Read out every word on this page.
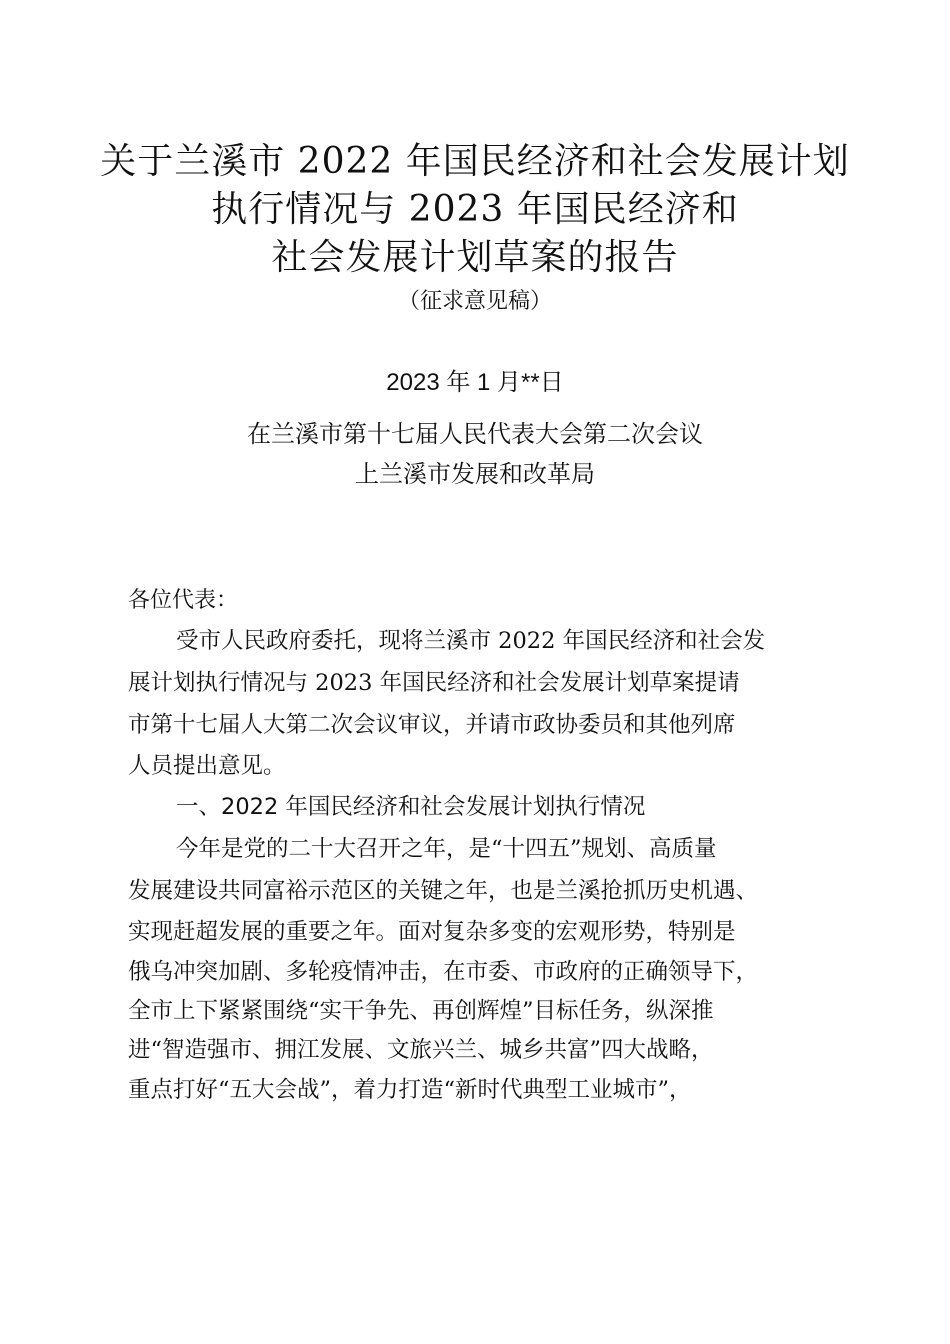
关于兰溪市 2022 年国民经济和社会发展计划
执行情况与 2023 年国民经济和
社会发展计划草案的报告
（征求意见稿）
2023 年 1 月**日
在兰溪市第十七届人民代表大会第二次会议
上兰溪市发展和改革局
各位代表：
受市人民政府委托，现将兰溪市 2022 年国民经济和社会发
展计划执行情况与 2023 年国民经济和社会发展计划草案提请
市第十七届人大第二次会议审议，并请市政协委员和其他列席
人员提出意见。
一、2022 年国民经济和社会发展计划执行情况
今年是党的二十大召开之年，是“十四五”规划、高质量
发展建设共同富裕示范区的关键之年，也是兰溪抢抓历史机遇、
实现赶超发展的重要之年。面对复杂多变的宏观形势，特别是
俄乌冲突加剧、多轮疫情冲击，在市委、市政府的正确领导下，
全市上下紧紧围绕“实干争先、再创辉煌”目标任务，纵深推
进“智造强市、拥江发展、文旅兴兰、城乡共富”四大战略，
重点打好“五大会战”，着力打造“新时代典型工业城市”，
